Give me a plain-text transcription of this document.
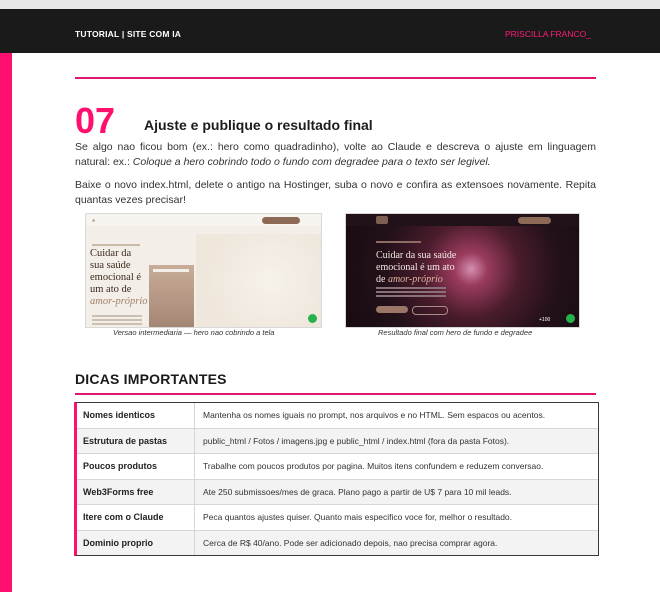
TUTORIAL | SITE COM IA	PRISCILLA FRANCO_
07 Ajuste e publique o resultado final

Se algo nao ficou bom (ex.: hero como quadradinho), volte ao Claude e descreva o ajuste em linguagem natural: ex.: Coloque a hero cobrindo todo o fundo com degradee para o texto ser legivel.

Baixe o novo index.html, delete o antigo na Hostinger, suba o novo e confira as extensoes novamente. Repita quantas vezes precisar!

✻
Cuidar da
sua saúde
emocional é
um ato de
amor-próprio
Versao intermediaria — hero nao cobrindo a tela
Cuidar da sua saúde
emocional é um ato
de amor-próprio
+100
Resultado final com hero de fundo e degradee
DICAS IMPORTANTES
Nomes identicos	Mantenha os nomes iguais no prompt, nos arquivos e no HTML. Sem espacos ou acentos.
Estrutura de pastas	public_html / Fotos / imagens.jpg e public_html / index.html (fora da pasta Fotos).
Poucos produtos	Trabalhe com poucos produtos por pagina. Muitos itens confundem e reduzem conversao.
Web3Forms free	Ate 250 submissoes/mes de graca. Plano pago a partir de U$ 7 para 10 mil leads.
Itere com o Claude	Peca quantos ajustes quiser. Quanto mais especifico voce for, melhor o resultado.
Dominio proprio	Cerca de R$ 40/ano. Pode ser adicionado depois, nao precisa comprar agora.
